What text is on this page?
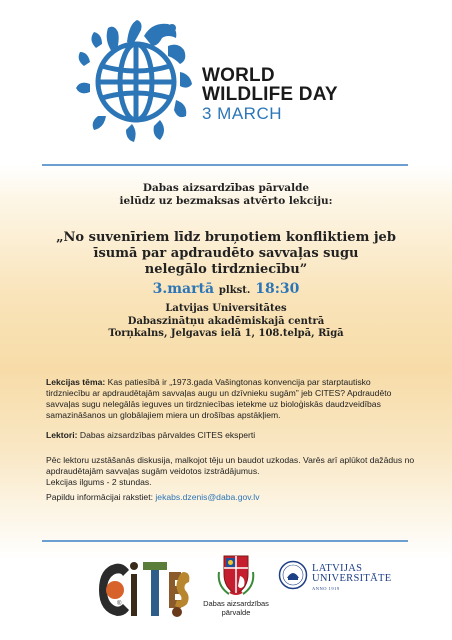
WORLD
WILDLIFE DAY
3 MARCH
Dabas aizsardzības pārvalde
ielūdz uz bezmaksas atvērto lekciju:
„No suvenīriem līdz bruņotiem konfliktiem jeb
īsumā par apdraudēto savvaļas sugu
nelegālo tirdzniecību”
3.martā plkst. 18:30
Latvijas Universitātes
Dabaszinātņu akadēmiskajā centrā
Torņkalns, Jelgavas ielā 1, 108.telpā, Rīgā
Lekcijas tēma: Kas patiesībā ir „1973.gada Vašingtonas konvencija par starptautisko tirdzniecību ar apdraudētajām savvaļas augu un dzīvnieku sugām” jeb CITES? Apdraudēto savvaļas sugu nelegālās ieguves un tirdzniecības ietekme uz bioloģiskās daudzveidības samazināšanos un globālajiem miera un drošības apstākļiem.
Lektori: Dabas aizsardzības pārvaldes CITES eksperti
Pēc lektoru uzstāšanās diskusija, malkojot tēju un baudot uzkodas. Varēs arī aplūkot dažādus no apdraudētajām savvaļas sugām veidotos izstrādājumus.
Lekcijas ilgums - 2 stundas.
Papildu informācijai rakstiet: jekabs.dzenis@daba.gov.lv
®	Dabas aizsardzības
pārvalde
LATVIJAS
UNIVERSITĀTE
ANNO 1919
